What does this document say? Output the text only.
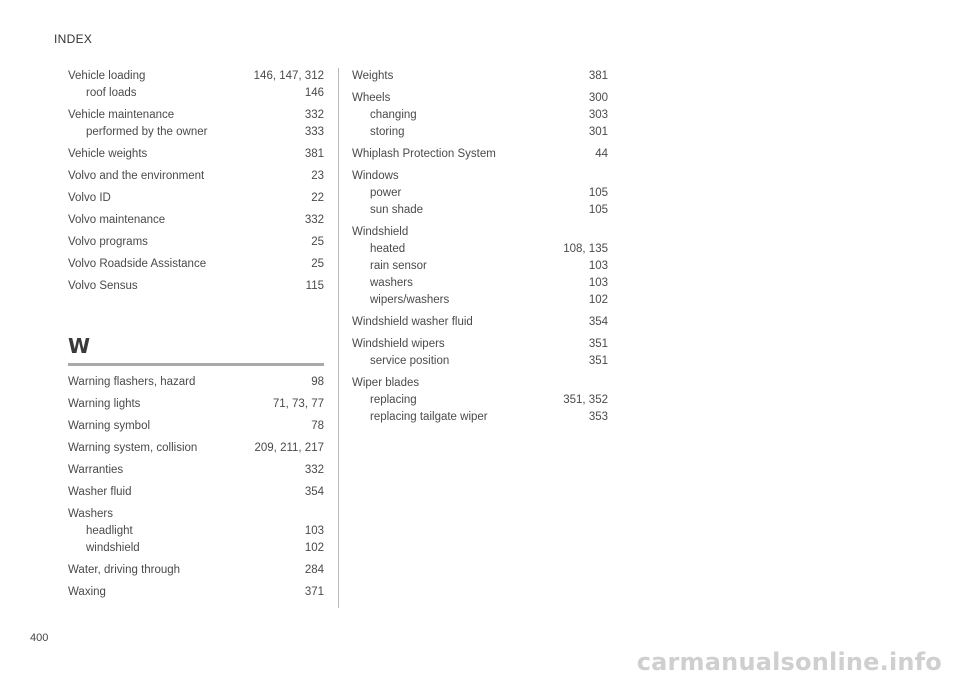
INDEX
Vehicle loading	146, 147, 312
roof loads	146
Vehicle maintenance	332
performed by the owner	333
Vehicle weights	381
Volvo and the environment	23
Volvo ID	22
Volvo maintenance	332
Volvo programs	25
Volvo Roadside Assistance	25
Volvo Sensus	115
W
Warning flashers, hazard	98
Warning lights	71, 73, 77
Warning symbol	78
Warning system, collision	209, 211, 217
Warranties	332
Washer fluid	354
Washers
headlight	103
windshield	102
Water, driving through	284
Waxing	371
Weights	381
Wheels	300
changing	303
storing	301
Whiplash Protection System	44
Windows
power	105
sun shade	105
Windshield
heated	108, 135
rain sensor	103
washers	103
wipers/washers	102
Windshield washer fluid	354
Windshield wipers	351
service position	351
Wiper blades
replacing	351, 352
replacing tailgate wiper	353
400
carmanualsonline.info
